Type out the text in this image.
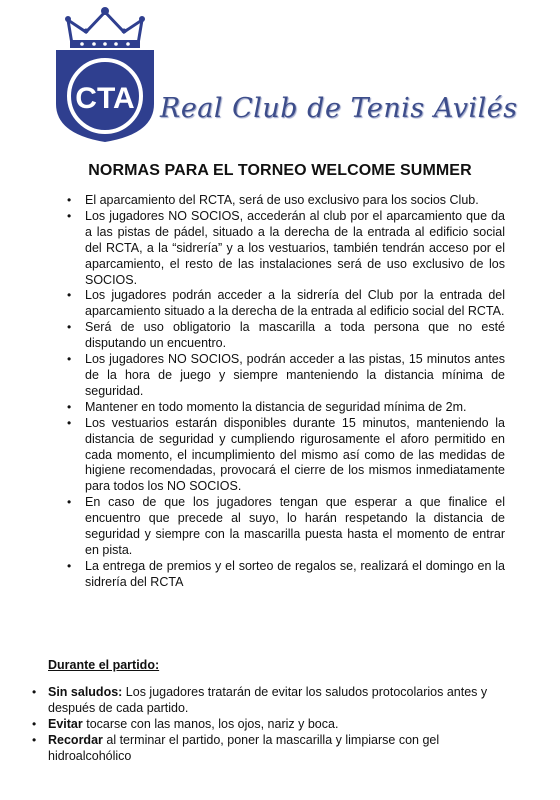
CTA Real Club de Tenis Avilés
NORMAS PARA EL TORNEO WELCOME SUMMER
• El aparcamiento del RCTA, será de uso exclusivo para los socios Club.
• Los jugadores NO SOCIOS, accederán al club por el aparcamiento que da a las pistas de pádel, situado a la derecha de la entrada al edificio social del RCTA, a la “sidrería” y a los vestuarios, también tendrán acceso por el aparcamiento, el resto de las instalaciones será de uso exclusivo de los SOCIOS.
• Los jugadores podrán acceder a la sidrería del Club por la entrada del aparcamiento situado a la derecha de la entrada al edificio social del RCTA.
• Será de uso obligatorio la mascarilla a toda persona que no esté disputando un encuentro.
• Los jugadores NO SOCIOS, podrán acceder a las pistas, 15 minutos antes de la hora de juego y siempre manteniendo la distancia mínima de seguridad.
• Mantener en todo momento la distancia de seguridad mínima de 2m.
• Los vestuarios estarán disponibles durante 15 minutos, manteniendo la distancia de seguridad y cumpliendo rigurosamente el aforo permitido en cada momento, el incumplimiento del mismo así como de las medidas de higiene recomendadas, provocará el cierre de los mismos inmediatamente para todos los NO SOCIOS.
• En caso de que los jugadores tengan que esperar a que finalice el encuentro que precede al suyo, lo harán respetando la distancia de seguridad y siempre con la mascarilla puesta hasta el momento de entrar en pista.
• La entrega de premios y el sorteo de regalos se, realizará el domingo en la sidrería del RCTA
Durante el partido:
• Sin saludos: Los jugadores tratarán de evitar los saludos protocolarios antes y después de cada partido.
• Evitar tocarse con las manos, los ojos, nariz y boca.
• Recordar al terminar el partido, poner la mascarilla y limpiarse con gel hidroalcohólico
